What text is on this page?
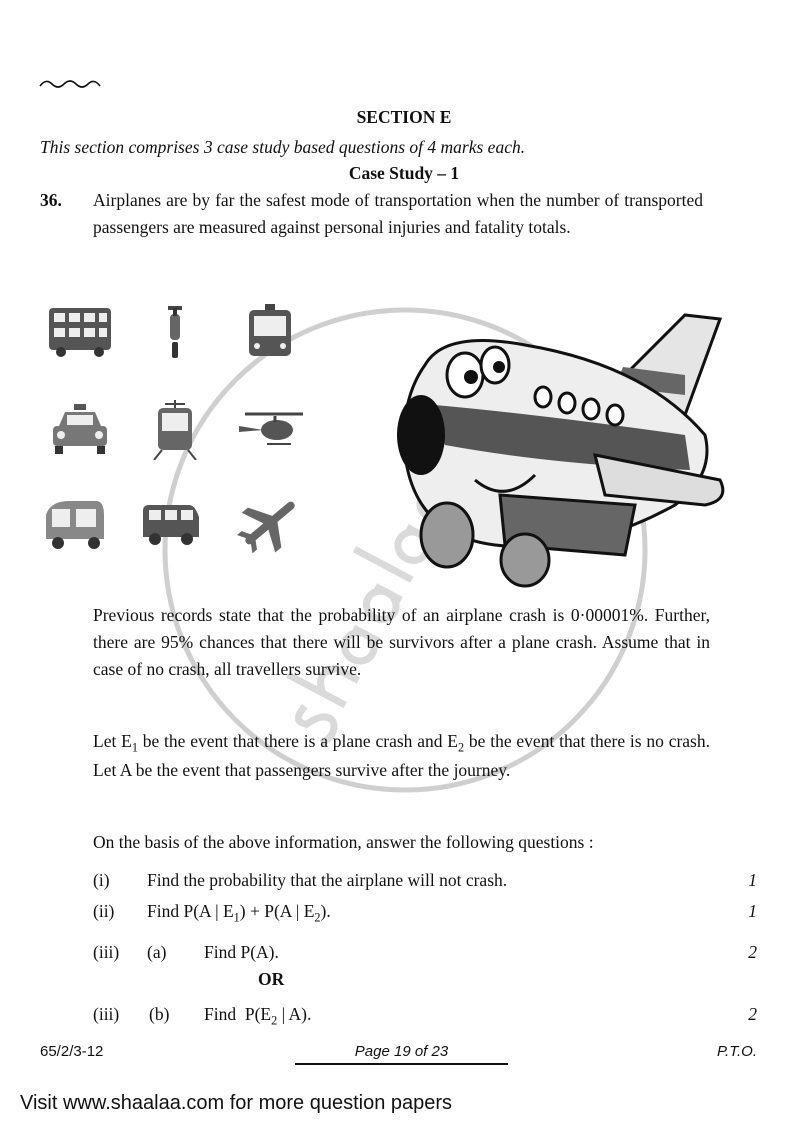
SECTION E
This section comprises 3 case study based questions of 4 marks each.
Case Study – 1
36. Airplanes are by far the safest mode of transportation when the number of transported passengers are measured against personal injuries and fatality totals.
Previous records state that the probability of an airplane crash is 0·00001%. Further, there are 95% chances that there will be survivors after a plane crash. Assume that in case of no crash, all travellers survive.
Let $E_1$ be the event that there is a plane crash and $E_2$ be the event that there is no crash. Let A be the event that passengers survive after the journey.
On the basis of the above information, answer the following questions :
(i) Find the probability that the airplane will not crash.	1
(ii) Find P(A | $E_1) + P(A$ | $E_2$).	1
(iii) (a) Find P(A).	2
OR
(iii) (b) Find  $P(E_2$ | A).	2
65/2/3-12	Page 19 of 23	P.T.O.
Visit www.shaalaa.com for more question papers
